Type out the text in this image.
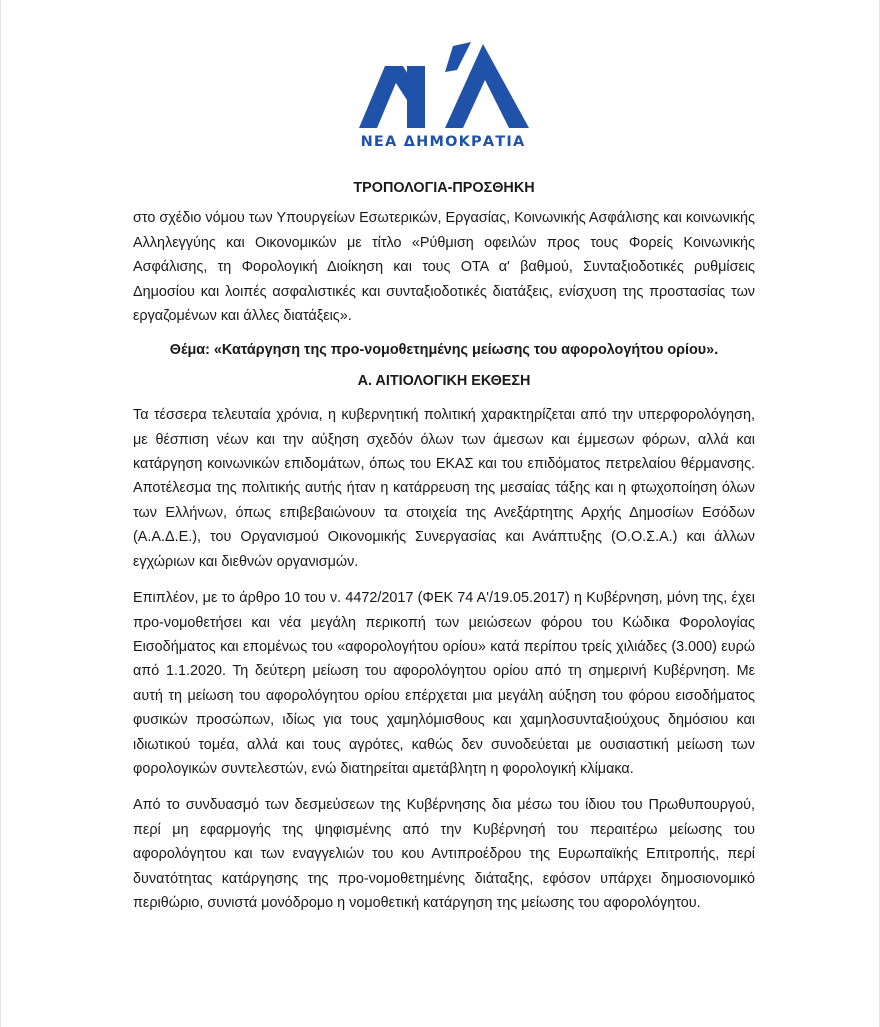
ΝΕΑ ΔΗΜΟΚΡΑΤΙΑ

ΤΡΟΠΟΛΟΓΙΑ-ΠΡΟΣΘΗΚΗ

στο σχέδιο νόμου των Υπουργείων Εσωτερικών, Εργασίας, Κοινωνικής Ασφάλισης και κοινωνικής Αλληλεγγύης και Οικονομικών με τίτλο «Ρύθμιση οφειλών προς τους Φορείς Κοινωνικής Ασφάλισης, τη Φορολογική Διοίκηση και τους ΟΤΑ α' βαθμού, Συνταξιοδοτικές ρυθμίσεις Δημοσίου και λοιπές ασφαλιστικές και συνταξιοδοτικές διατάξεις, ενίσχυση της προστασίας των εργαζομένων και άλλες διατάξεις».

Θέμα: «Κατάργηση της προ-νομοθετημένης μείωσης του αφορολογήτου ορίου».

Α. ΑΙΤΙΟΛΟΓΙΚΗ ΕΚΘΕΣΗ

Τα τέσσερα τελευταία χρόνια, η κυβερνητική πολιτική χαρακτηρίζεται από την υπερφορολόγηση, με θέσπιση νέων και την αύξηση σχεδόν όλων των άμεσων και έμμεσων φόρων, αλλά και κατάργηση κοινωνικών επιδομάτων, όπως του ΕΚΑΣ και του επιδόματος πετρελαίου θέρμανσης. Αποτέλεσμα της πολιτικής αυτής ήταν η κατάρρευση της μεσαίας τάξης και η φτωχοποίηση όλων των Ελλήνων, όπως επιβεβαιώνουν τα στοιχεία της Ανεξάρτητης Αρχής Δημοσίων Εσόδων (Α.Α.Δ.Ε.), του Οργανισμού Οικονομικής Συνεργασίας και Ανάπτυξης (Ο.Ο.Σ.Α.) και άλλων εγχώριων και διεθνών οργανισμών.

Επιπλέον, με το άρθρο 10 του ν. 4472/2017 (ΦΕΚ 74 Α'/19.05.2017) η Κυβέρνηση, μόνη της, έχει προ-νομοθετήσει και νέα μεγάλη περικοπή των μειώσεων φόρου του Κώδικα Φορολογίας Εισοδήματος και επομένως του «αφορολογήτου ορίου» κατά περίπου τρείς χιλιάδες (3.000) ευρώ από 1.1.2020. Τη δεύτερη μείωση του αφορολόγητου ορίου από τη σημερινή Κυβέρνηση. Με αυτή τη μείωση του αφορολόγητου ορίου επέρχεται μια μεγάλη αύξηση του φόρου εισοδήματος φυσικών προσώπων, ιδίως για τους χαμηλόμισθους και χαμηλοσυνταξιούχους δημόσιου και ιδιωτικού τομέα, αλλά και τους αγρότες, καθώς δεν συνοδεύεται με ουσιαστική μείωση των φορολογικών συντελεστών, ενώ διατηρείται αμετάβλητη η φορολογική κλίμακα.

Από το συνδυασμό των δεσμεύσεων της Κυβέρνησης δια μέσω του ίδιου του Πρωθυπουργού, περί μη εφαρμογής της ψηφισμένης από την Κυβέρνησή του περαιτέρω μείωσης του αφορολόγητου και των εναγγελιών του κου Αντιπροέδρου της Ευρωπαϊκής Επιτροπής, περί δυνατότητας κατάργησης της προ-νομοθετημένης διάταξης, εφόσον υπάρχει δημοσιονομικό περιθώριο, συνιστά μονόδρομο η νομοθετική κατάργηση της μείωσης του αφορολόγητου.
